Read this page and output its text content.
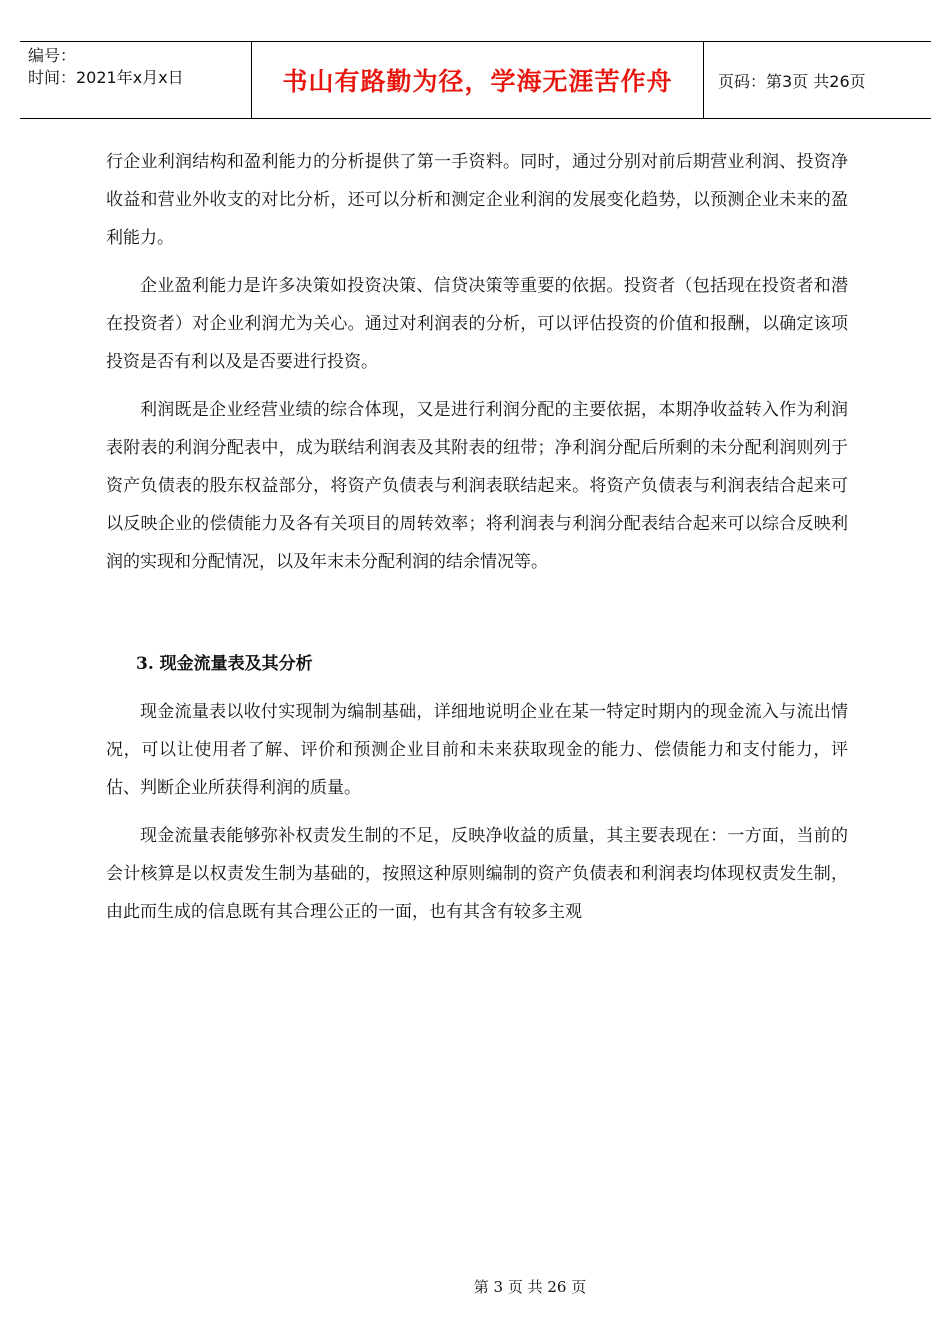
编号：
时间：2021年x月x日	书山有路勤为径，学海无涯苦作舟	页码：第3页 共26页

行企业利润结构和盈利能力的分析提供了第一手资料。同时，通过分别对前后期营业利润、投资净收益和营业外收支的对比分析，还可以分析和测定企业利润的发展变化趋势，以预测企业未来的盈利能力。

企业盈利能力是许多决策如投资决策、信贷决策等重要的依据。投资者（包括现在投资者和潜在投资者）对企业利润尤为关心。通过对利润表的分析，可以评估投资的价值和报酬，以确定该项投资是否有利以及是否要进行投资。

利润既是企业经营业绩的综合体现，又是进行利润分配的主要依据，本期净收益转入作为利润表附表的利润分配表中，成为联结利润表及其附表的纽带；净利润分配后所剩的未分配利润则列于资产负债表的股东权益部分，将资产负债表与利润表联结起来。将资产负债表与利润表结合起来可以反映企业的偿债能力及各有关项目的周转效率；将利润表与利润分配表结合起来可以综合反映利润的实现和分配情况，以及年末未分配利润的结余情况等。

3. 现金流量表及其分析

现金流量表以收付实现制为编制基础，详细地说明企业在某一特定时期内的现金流入与流出情况，可以让使用者了解、评价和预测企业目前和未来获取现金的能力、偿债能力和支付能力，评估、判断企业所获得利润的质量。

现金流量表能够弥补权责发生制的不足，反映净收益的质量，其主要表现在：一方面，当前的会计核算是以权责发生制为基础的，按照这种原则编制的资产负债表和利润表均体现权责发生制，由此而生成的信息既有其合理公正的一面，也有其含有较多主观

第 3 页 共 26 页
